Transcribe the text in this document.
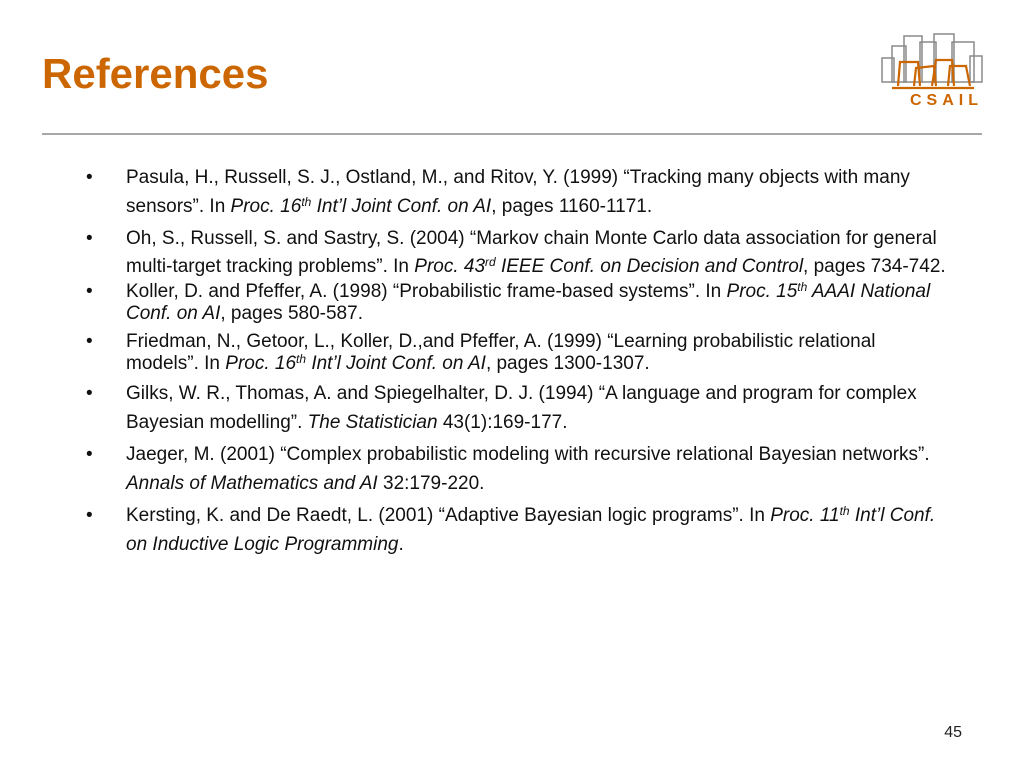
References
CSAIL
• Pasula, H., Russell, S. J., Ostland, M., and Ritov, Y. (1999) “Tracking many objects with many sensors”. In Proc. 16th Int’l Joint Conf. on AI, pages 1160-1171.
• Oh, S., Russell, S. and Sastry, S. (2004) “Markov chain Monte Carlo data association for general multi-target tracking problems”. In Proc. 43rd IEEE Conf. on Decision and Control, pages 734-742.
• Koller, D. and Pfeffer, A. (1998) “Probabilistic frame-based systems”. In Proc. 15th AAAI National Conf. on AI, pages 580-587.
• Friedman, N., Getoor, L., Koller, D.,and Pfeffer, A. (1999) “Learning probabilistic relational models”. In Proc. 16th Int’l Joint Conf. on AI, pages 1300-1307.
• Gilks, W. R., Thomas, A. and Spiegelhalter, D. J. (1994) “A language and program for complex Bayesian modelling”. The Statistician 43(1):169-177.
• Jaeger, M. (2001) “Complex probabilistic modeling with recursive relational Bayesian networks”. Annals of Mathematics and AI 32:179-220.
• Kersting, K. and De Raedt, L. (2001) “Adaptive Bayesian logic programs”. In Proc. 11th Int’l Conf. on Inductive Logic Programming.
45
